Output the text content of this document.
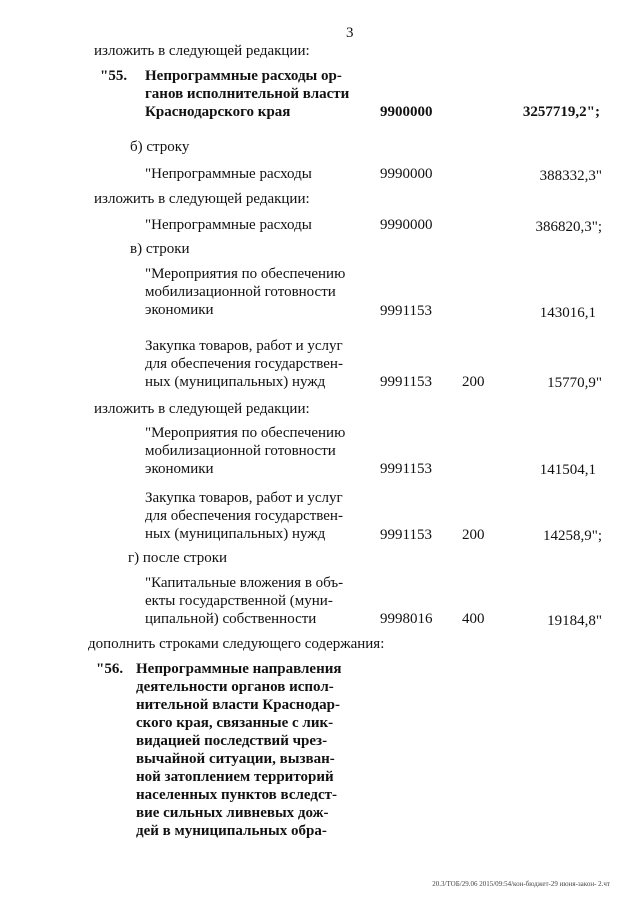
3
изложить в следующей редакции:
"55. Непрограммные расходы ор-
ганов исполнительной власти
Краснодарского края	9900000	3257719,2";
б) строку
"Непрограммные расходы	9990000	388332,3"
изложить в следующей редакции:
"Непрограммные расходы	9990000	386820,3";
в) строки
"Мероприятия по обеспечению
мобилизационной готовности
экономики	9991153	143016,1
Закупка товаров, работ и услуг
для обеспечения государствен-
ных (муниципальных) нужд	9991153 200	15770,9"
изложить в следующей редакции:
"Мероприятия по обеспечению
мобилизационной готовности
экономики	9991153	141504,1
Закупка товаров, работ и услуг
для обеспечения государствен-
ных (муниципальных) нужд	9991153 200	14258,9";
г) после строки
"Капитальные вложения в объ-
екты государственной (муни-
ципальной) собственности	9998016 400	19184,8"
дополнить строками следующего содержания:
"56. Непрограммные направления
деятельности органов испол-
нительной власти Краснодар-
ского края, связанные с лик-
видацией последствий чрез-
вычайной ситуации, вызван-
ной затоплением территорий
населенных пунктов вследст-
вие сильных ливневых дож-
дей в муниципальных обра-
20.3/ТОБ/29.06 2015/09:54/кон-бюджет-29 июня-закон- 2.чт
